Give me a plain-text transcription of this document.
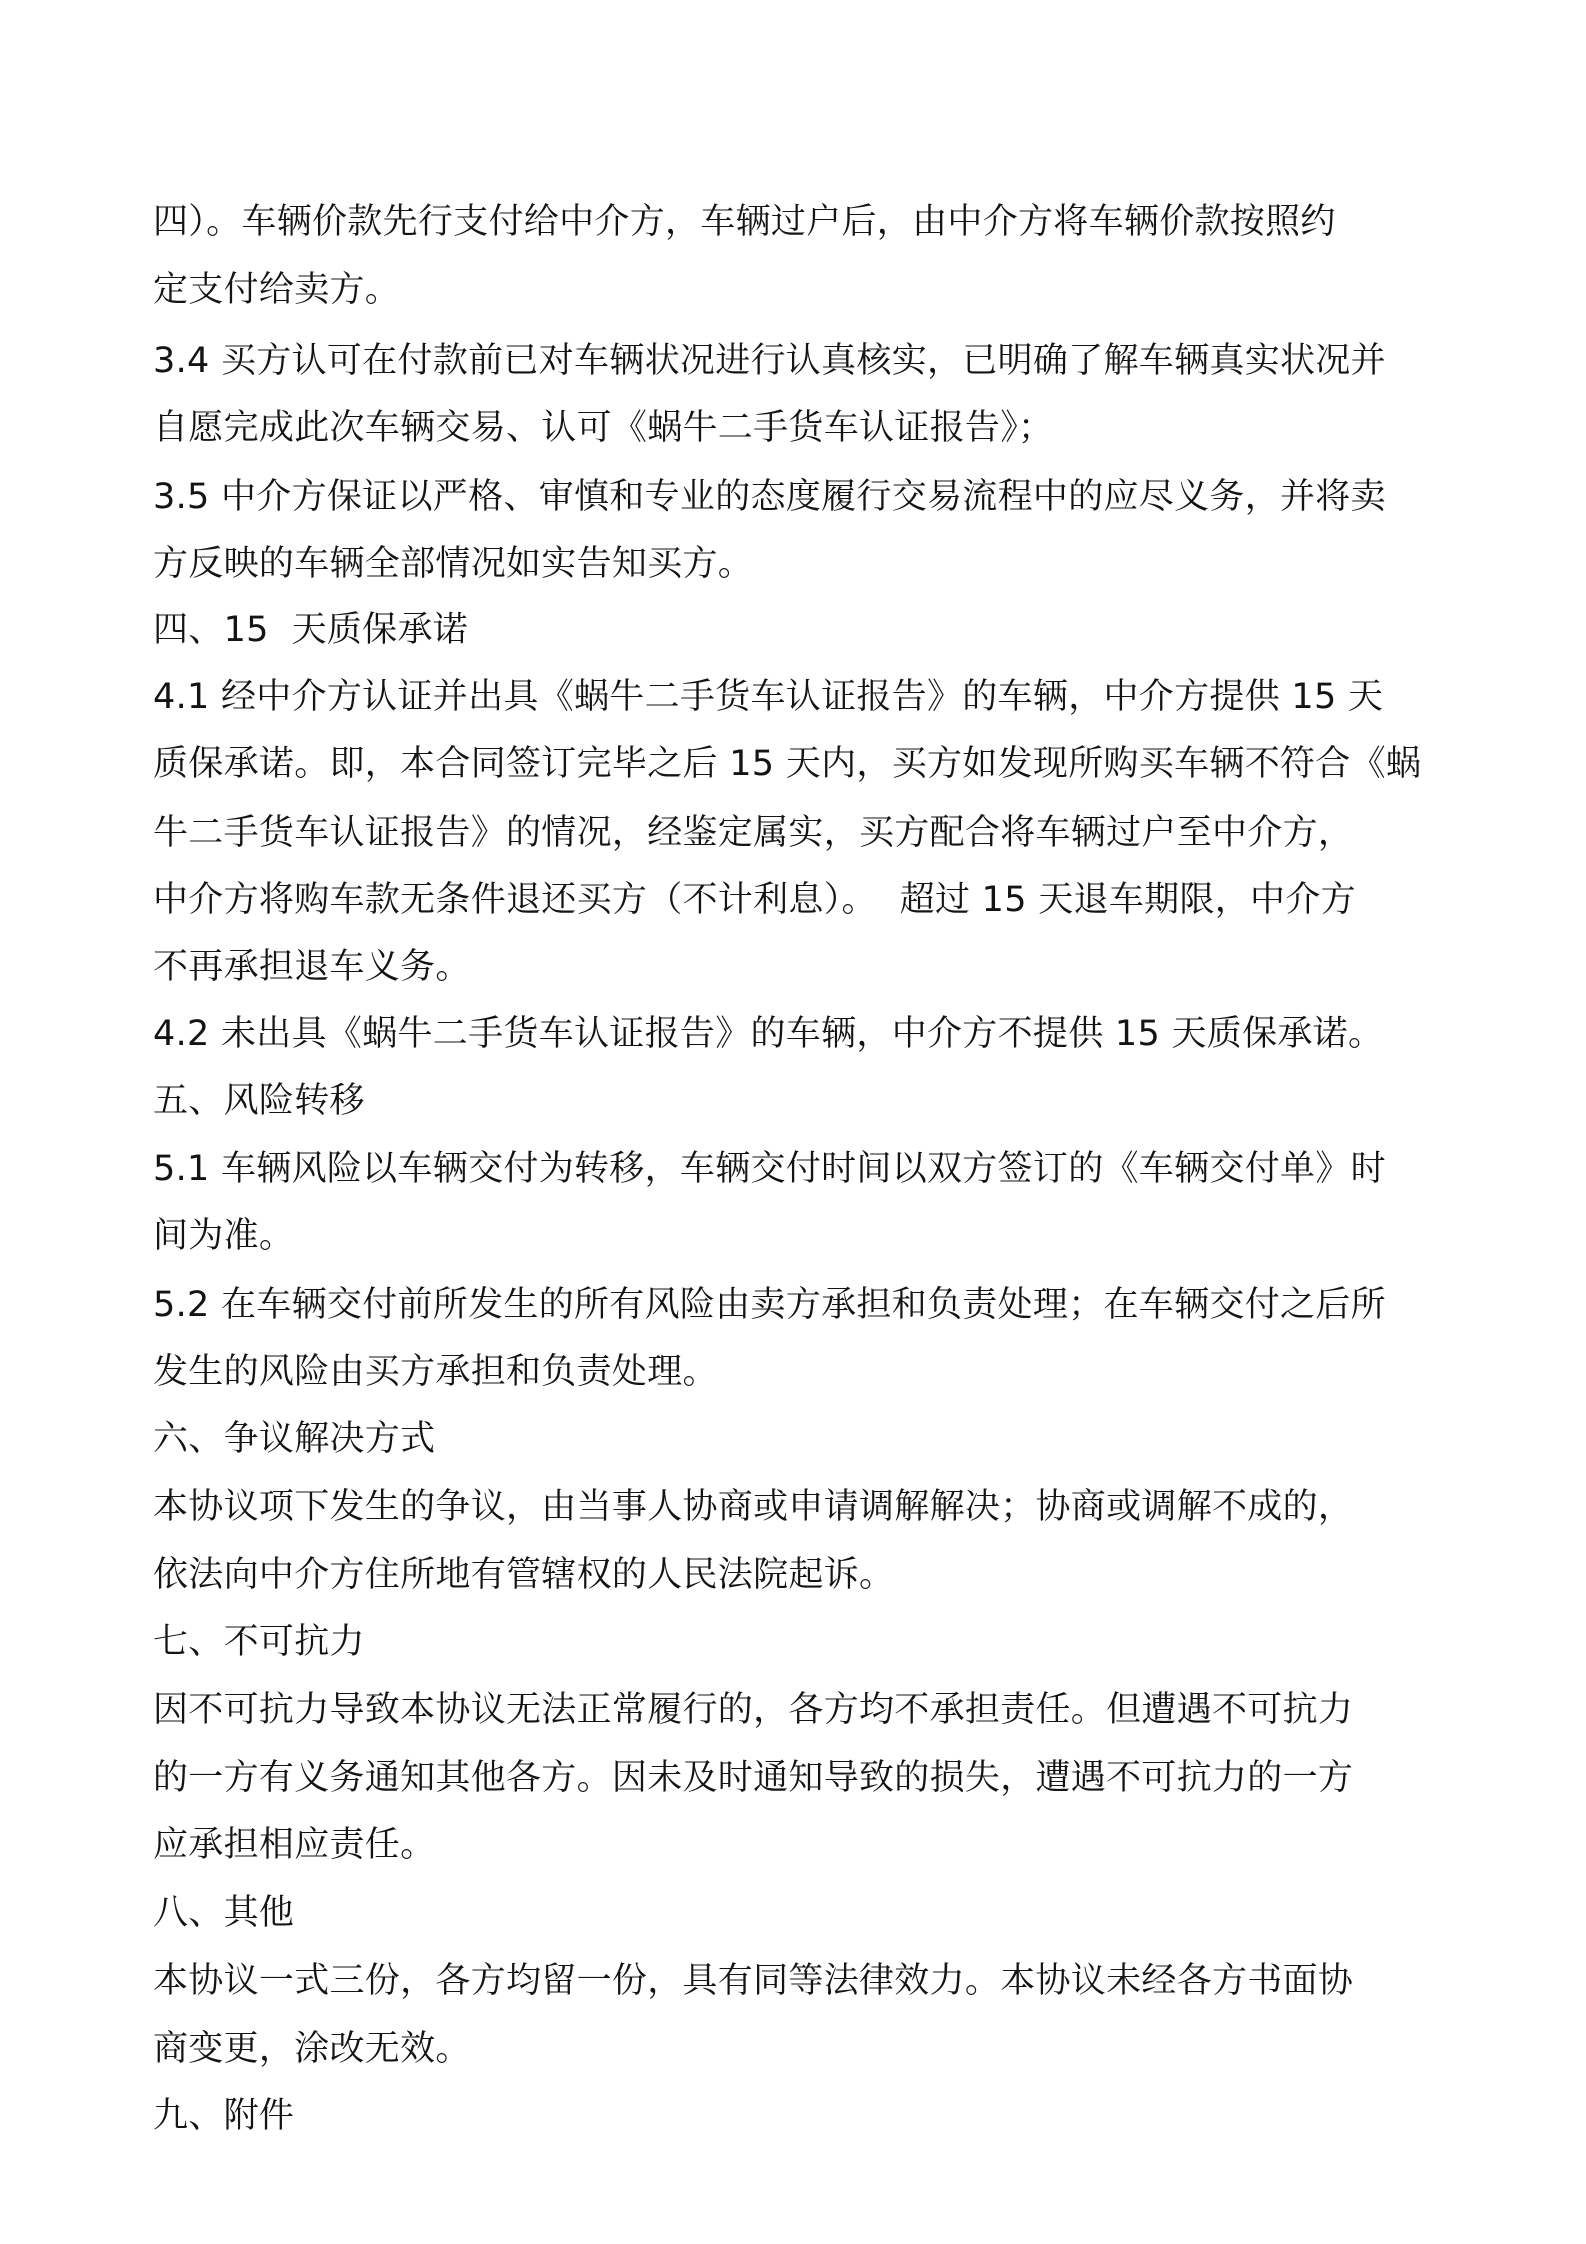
四）。车辆价款先行支付给中介方，车辆过户后，由中介方将车辆价款按照约
定支付给卖方。
3.4 买方认可在付款前已对车辆状况进行认真核实，已明确了解车辆真实状况并
自愿完成此次车辆交易、认可《蜗牛二手货车认证报告》；
3.5 中介方保证以严格、审慎和专业的态度履行交易流程中的应尽义务，并将卖
方反映的车辆全部情况如实告知买方。
四、15  天质保承诺
4.1 经中介方认证并出具《蜗牛二手货车认证报告》的车辆，中介方提供 15 天
质保承诺。即，本合同签订完毕之后 15 天内，买方如发现所购买车辆不符合《蜗
牛二手货车认证报告》的情况，经鉴定属实，买方配合将车辆过户至中介方，
中介方将购车款无条件退还买方（不计利息）。  超过 15 天退车期限，中介方
不再承担退车义务。
4.2 未出具《蜗牛二手货车认证报告》的车辆，中介方不提供 15 天质保承诺。
五、风险转移
5.1 车辆风险以车辆交付为转移，车辆交付时间以双方签订的《车辆交付单》时
间为准。
5.2 在车辆交付前所发生的所有风险由卖方承担和负责处理；在车辆交付之后所
发生的风险由买方承担和负责处理。
六、争议解决方式
本协议项下发生的争议，由当事人协商或申请调解解决；协商或调解不成的，
依法向中介方住所地有管辖权的人民法院起诉。
七、不可抗力
因不可抗力导致本协议无法正常履行的，各方均不承担责任。但遭遇不可抗力
的一方有义务通知其他各方。因未及时通知导致的损失，遭遇不可抗力的一方
应承担相应责任。
八、其他
本协议一式三份，各方均留一份，具有同等法律效力。本协议未经各方书面协
商变更，涂改无效。
九、附件
